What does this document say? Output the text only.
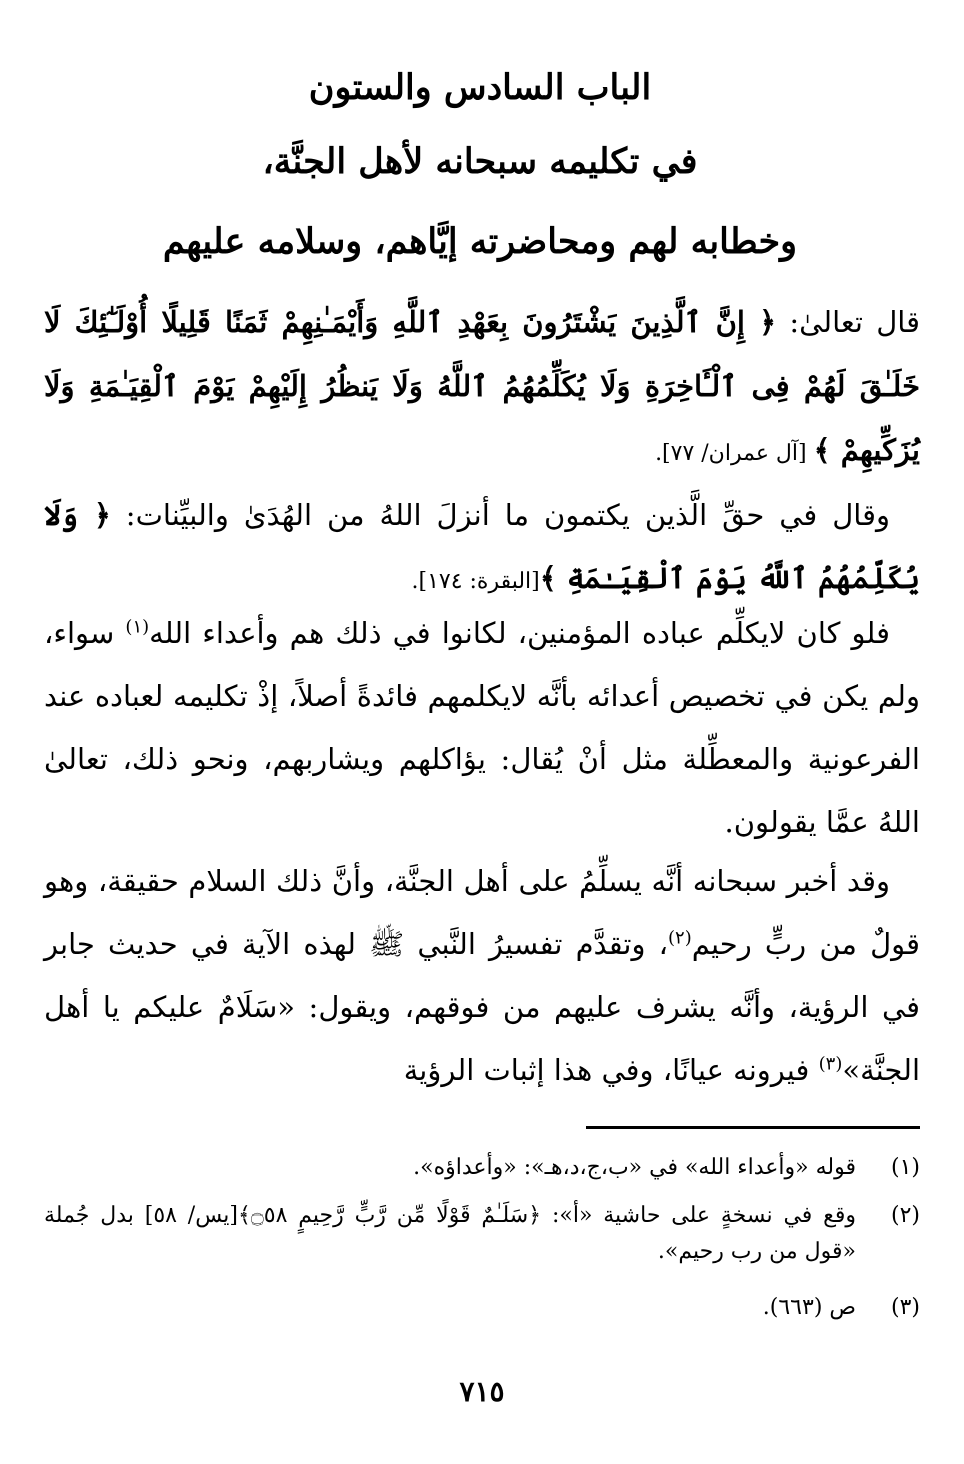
الباب السادس والستون
في تكليمه سبحانه لأهل الجنَّة،
وخطابه لهم ومحاضرته إيَّاهم، وسلامه عليهم
قال تعالىٰ: ﴿ إِنَّ ٱلَّذِينَ يَشْتَرُونَ بِعَهْدِ ٱللَّهِ وَأَيْمَـٰنِهِمْ ثَمَنًا قَلِيلًا أُوْلَـٰٓئِكَ لَا خَلَـٰقَ لَهُمْ فِى ٱلْـَٔاخِرَةِ وَلَا يُكَلِّمُهُمُ ٱللَّهُ وَلَا يَنظُرُ إِلَيْهِمْ يَوْمَ ٱلْقِيَـٰمَةِ وَلَا يُزَكِّيهِمْ ﴾ [آل عمران/ ٧٧].
وقال في حقِّ الَّذين يكتمون ما أنزلَ اللهُ من الهُدَىٰ والبيِّنات: ﴿ وَلَا يُكَلِّمُهُمُ ٱللَّهُ يَوْمَ ٱلْقِيَـٰمَةِ ﴾[البقرة: ١٧٤].
فلو كان لايكلِّم عباده المؤمنين، لكانوا في ذلك هم وأعداء الله$^{(١)}$ سواء، ولم يكن في تخصيص أعدائه بأنَّه لايكلمهم فائدةً أصلاً، إذْ تكليمه لعباده عند الفرعونية والمعطِّلة مثل أنْ يُقال: يؤاكلهم ويشاربهم، ونحو ذلك، تعالىٰ اللهُ عمَّا يقولون.
وقد أخبر سبحانه أنَّه يسلِّمُ على أهل الجنَّة، وأنَّ ذلك السلام حقيقة، وهو قولٌ من ربٍّ رحيم$^{(٢)}$، وتقدَّم تفسيرُ النَّبي ﷺ لهذه الآية في حديث جابر في الرؤية، وأنَّه يشرف عليهم من فوقهم، ويقول: «سَلَامٌ عليكم يا أهل الجنَّة»$^{(٣)}$ فيرونه عيانًا، وفي هذا إثبات الرؤية
(١)
قوله «وأعداء الله» في «ب،ج،د،هـ»: «وأعداؤه».
(٢)
وقع في نسخةٍ على حاشية «أ»: ﴿سَلَـٰمٌ قَوْلًا مِّن رَّبٍّ رَّحِيمٍ ۝٥٨﴾[يس/ ٥٨] بدل جُملة «قول من رب رحيم».
(٣)
ص (٦٦٣).
٧١٥
